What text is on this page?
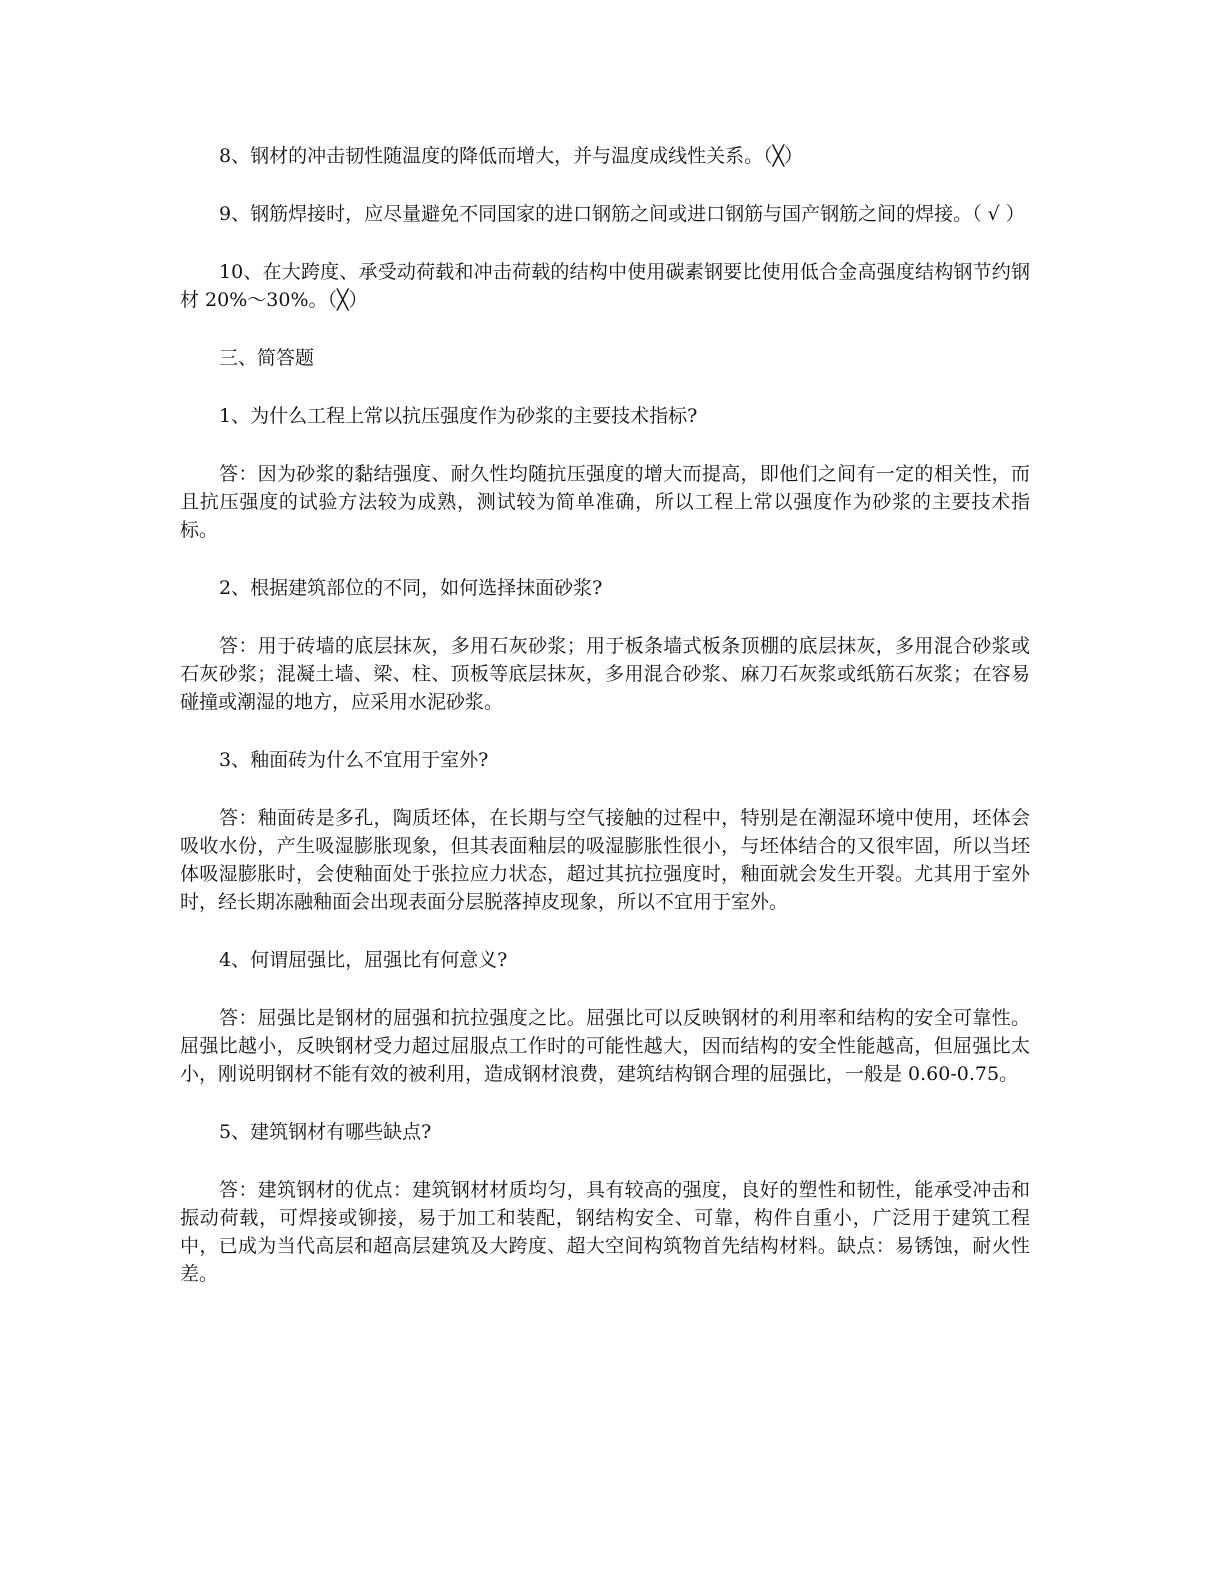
8、钢材的冲击韧性随温度的降低而增大，并与温度成线性关系。（╳）

9、钢筋焊接时，应尽量避免不同国家的进口钢筋之间或进口钢筋与国产钢筋之间的焊接。（ √ ）

10、在大跨度、承受动荷载和冲击荷载的结构中使用碳素钢要比使用低合金高强度结构钢节约钢材 20%～30%。（╳）

三、简答题

1、为什么工程上常以抗压强度作为砂浆的主要技术指标?

答：因为砂浆的黏结强度、耐久性均随抗压强度的增大而提高，即他们之间有一定的相关性，而且抗压强度的试验方法较为成熟，测试较为简单准确，所以工程上常以强度作为砂浆的主要技术指标。

2、根据建筑部位的不同，如何选择抹面砂浆?

答：用于砖墙的底层抹灰，多用石灰砂浆；用于板条墙式板条顶棚的底层抹灰，多用混合砂浆或石灰砂浆；混凝土墙、梁、柱、顶板等底层抹灰，多用混合砂浆、麻刀石灰浆或纸筋石灰浆；在容易碰撞或潮湿的地方，应采用水泥砂浆。

3、釉面砖为什么不宜用于室外?

答：釉面砖是多孔，陶质坯体，在长期与空气接触的过程中，特别是在潮湿环境中使用，坯体会吸收水份，产生吸湿膨胀现象，但其表面釉层的吸湿膨胀性很小，与坯体结合的又很牢固，所以当坯体吸湿膨胀时，会使釉面处于张拉应力状态，超过其抗拉强度时，釉面就会发生开裂。尤其用于室外时，经长期冻融釉面会出现表面分层脱落掉皮现象，所以不宜用于室外。

4、何谓屈强比，屈强比有何意义?

答：屈强比是钢材的屈强和抗拉强度之比。屈强比可以反映钢材的利用率和结构的安全可靠性。屈强比越小，反映钢材受力超过屈服点工作时的可能性越大，因而结构的安全性能越高，但屈强比太小，刚说明钢材不能有效的被利用，造成钢材浪费，建筑结构钢合理的屈强比，一般是 0.60-0.75。

5、建筑钢材有哪些缺点?

答：建筑钢材的优点：建筑钢材材质均匀，具有较高的强度，良好的塑性和韧性，能承受冲击和振动荷载，可焊接或铆接，易于加工和装配，钢结构安全、可靠，构件自重小，广泛用于建筑工程中，已成为当代高层和超高层建筑及大跨度、超大空间构筑物首先结构材料。缺点：易锈蚀，耐火性差。
